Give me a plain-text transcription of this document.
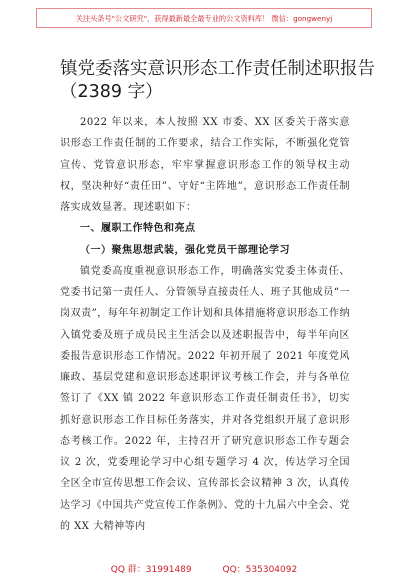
关注头条号"公文研究"，获得最新最全最专业的公文资料库！ 微信：gongwenyj
镇党委落实意识形态工作责任制述职报告
（2389 字）

2022 年以来，本人按照 XX 市委、XX 区委关于落实意识形态工作责任制的工作要求，结合工作实际，不断强化党管宣传、党管意识形态，牢牢掌握意识形态工作的领导权主动权，坚决种好“责任田”、守好“主阵地”，意识形态工作责任制落实成效显著。现述职如下：

一、履职工作特色和亮点
（一）聚焦思想武装，强化党员干部理论学习

镇党委高度重视意识形态工作，明确落实党委主体责任、党委书记第一责任人、分管领导直接责任人、班子其他成员“一岗双责”，每年年初制定工作计划和具体措施将意识形态工作纳入镇党委及班子成员民主生活会以及述职报告中，每半年向区委报告意识形态工作情况。2022 年初开展了 2021 年度党风廉政、基层党建和意识形态述职评议考核工作会，并与各单位签订了《XX 镇 2022 年意识形态工作责任制责任书》，切实抓好意识形态工作目标任务落实，并对各党组织开展了意识形态考核工作。2022 年，主持召开了研究意识形态工作专题会议 2 次，党委理论学习中心组专题学习 4 次，传达学习全国全区全市宣传思想工作会议、宣传部长会议精神 3 次，认真传达学习《中国共产党宣传工作条例》、党的十九届六中全会、党的 XX 大精神等内

QQ 群：31991489	QQ：535304092
